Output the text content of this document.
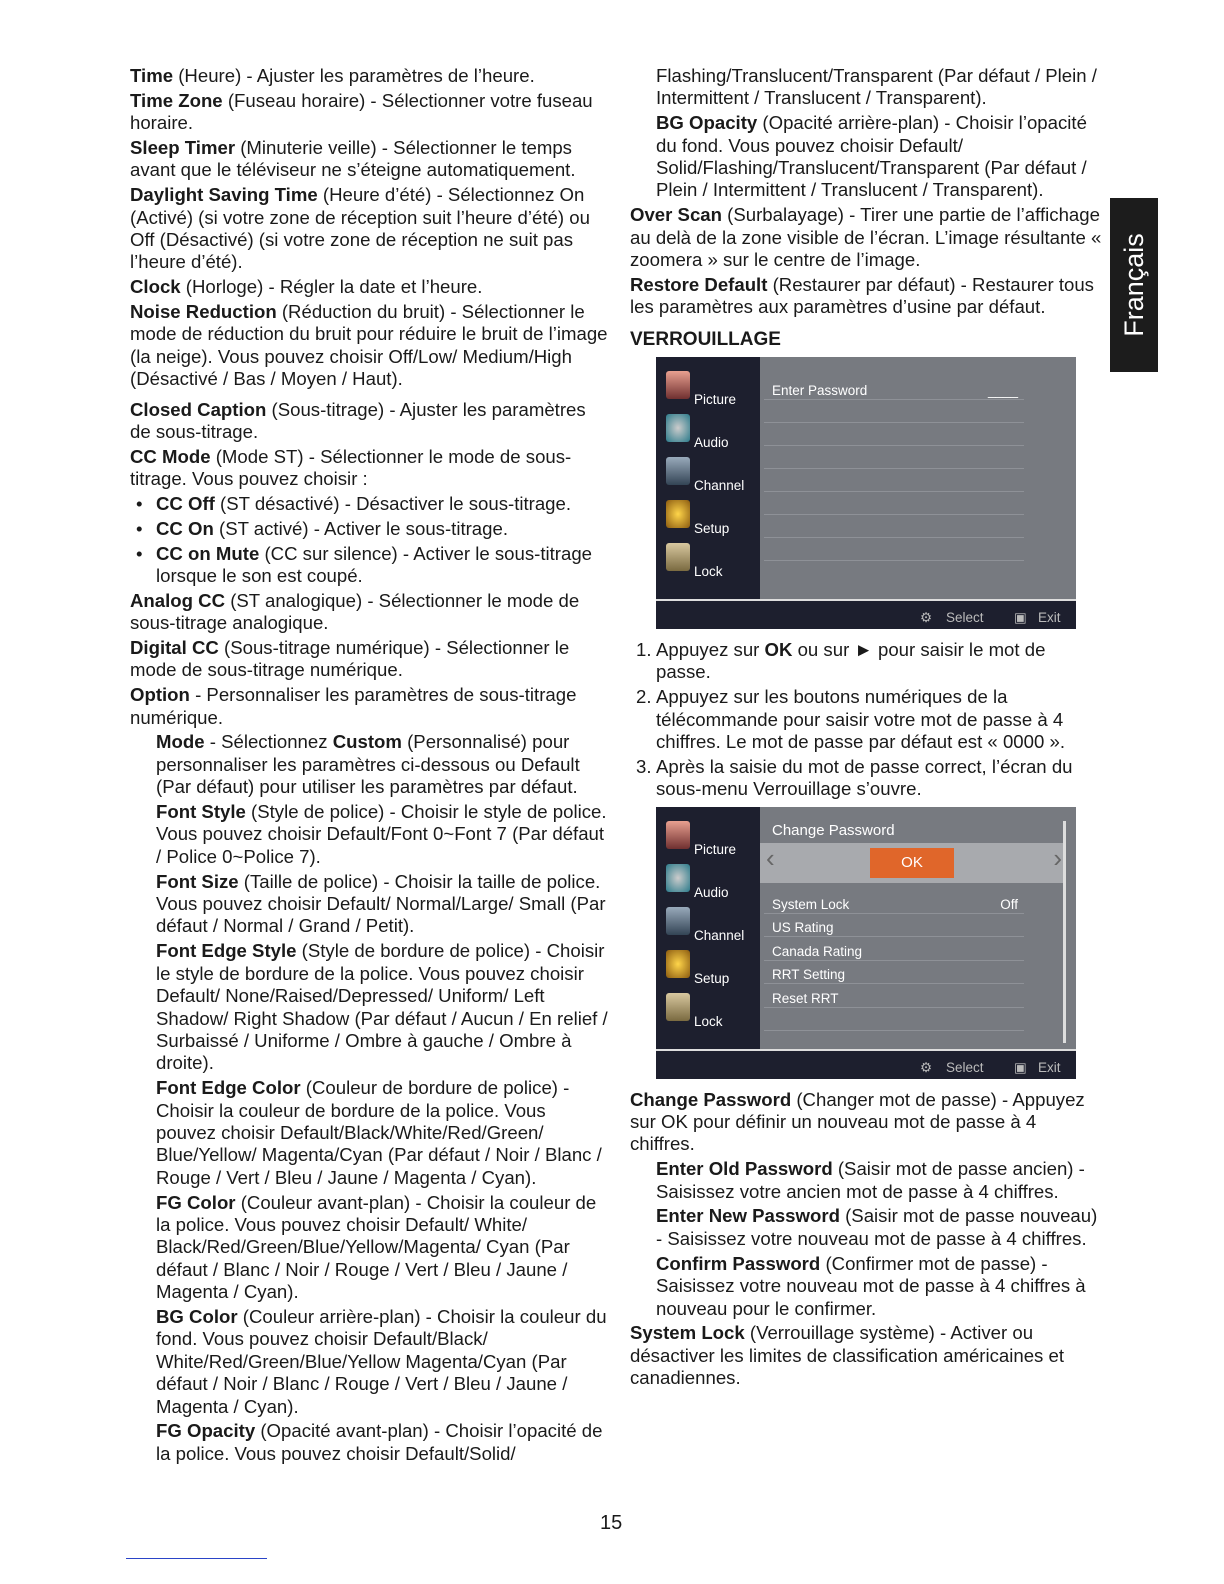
Time (Heure) - Ajuster les paramètres de l’heure.

Time Zone (Fuseau horaire) - Sélectionner votre fuseau horaire.

Sleep Timer (Minuterie veille) - Sélectionner le temps avant que le téléviseur ne s’éteigne automatiquement.

Daylight Saving Time (Heure d’été) - Sélectionnez On (Activé) (si votre zone de réception suit l’heure d’été) ou Off (Désactivé) (si votre zone de réception ne suit pas l’heure d’été).

Clock (Horloge) - Régler la date et l’heure.

Noise Reduction (Réduction du bruit) - Sélectionner le mode de réduction du bruit pour réduire le bruit de l’image (la neige). Vous pouvez choisir Off/Low/ Medium/High (Désactivé / Bas / Moyen / Haut).

Closed Caption (Sous-titrage) - Ajuster les paramètres de sous-titrage.

CC Mode (Mode ST) - Sélectionner le mode de sous-titrage. Vous pouvez choisir :

• CC Off (ST désactivé) - Désactiver le sous-titrage.

• CC On (ST activé) - Activer le sous-titrage.

• CC on Mute (CC sur silence) - Activer le sous-titrage lorsque le son est coupé.

Analog CC (ST analogique) - Sélectionner le mode de sous-titrage analogique.

Digital CC (Sous-titrage numérique) - Sélectionner le mode de sous-titrage numérique.

Option - Personnaliser les paramètres de sous-titrage numérique.

Mode - Sélectionnez Custom (Personnalisé) pour personnaliser les paramètres ci-dessous ou Default (Par défaut) pour utiliser les paramètres par défaut.

Font Style (Style de police) - Choisir le style de police. Vous pouvez choisir Default/Font 0~Font 7 (Par défaut / Police 0~Police 7).

Font Size (Taille de police) - Choisir la taille de police. Vous pouvez choisir Default/ Normal/Large/ Small (Par défaut / Normal / Grand / Petit).

Font Edge Style (Style de bordure de police) - Choisir le style de bordure de la police. Vous pouvez choisir Default/ None/Raised/Depressed/ Uniform/ Left Shadow/ Right Shadow (Par défaut / Aucun / En relief / Surbaissé / Uniforme / Ombre à gauche / Ombre à droite).

Font Edge Color (Couleur de bordure de police) - Choisir la couleur de bordure de la police. Vous pouvez choisir Default/Black/White/Red/Green/ Blue/Yellow/ Magenta/Cyan (Par défaut / Noir / Blanc / Rouge / Vert / Bleu / Jaune / Magenta / Cyan).

FG Color (Couleur avant-plan) - Choisir la couleur de la police. Vous pouvez choisir Default/ White/ Black/Red/Green/Blue/Yellow/Magenta/ Cyan (Par défaut / Blanc / Noir / Rouge / Vert / Bleu / Jaune / Magenta / Cyan).

BG Color (Couleur arrière-plan) - Choisir la couleur du fond. Vous pouvez choisir Default/Black/ White/Red/Green/Blue/Yellow Magenta/Cyan (Par défaut / Noir / Blanc / Rouge / Vert / Bleu / Jaune / Magenta / Cyan).

FG Opacity (Opacité avant-plan) - Choisir l’opacité de la police. Vous pouvez choisir Default/Solid/

Flashing/Translucent/Transparent (Par défaut / Plein / Intermittent / Translucent / Transparent).

BG Opacity (Opacité arrière-plan) - Choisir l’opacité du fond. Vous pouvez choisir Default/ Solid/Flashing/Translucent/Transparent (Par défaut / Plein / Intermittent / Translucent / Transparent).

Over Scan (Surbalayage) - Tirer une partie de l’affichage au delà de la zone visible de l’écran. L’image résultante « zoomera » sur le centre de l’image.

Restore Default (Restaurer par défaut) - Restaurer tous les paramètres aux paramètres d’usine par défaut.

VERROUILLAGE
Picture
Audio
Channel
Setup
Lock
Enter Password	____
⚙ Select ▣ Exit

1. Appuyez sur OK ou sur ► pour saisir le mot de passe.

2. Appuyez sur les boutons numériques de la télécommande pour saisir votre mot de passe à 4 chiffres. Le mot de passe par défaut est « 0000 ».

3. Après la saisie du mot de passe correct, l’écran du sous-menu Verrouillage s’ouvre.

Picture
Audio
Channel
Setup
Lock
Change Password
‹	OK	›
System Lock	Off
US Rating
Canada Rating
RRT Setting
Reset RRT
⚙ Select ▣ Exit

Change Password (Changer mot de passe) - Appuyez sur OK pour définir un nouveau mot de passe à 4 chiffres.

Enter Old Password (Saisir mot de passe ancien) -Saisissez votre ancien mot de passe à 4 chiffres.

Enter New Password (Saisir mot de passe nouveau) - Saisissez votre nouveau mot de passe à 4 chiffres.

Confirm Password (Confirmer mot de passe) - Saisissez votre nouveau mot de passe à 4 chiffres à nouveau pour le confirmer.

System Lock (Verrouillage système) - Activer ou désactiver les limites de classification américaines et canadiennes.

Français
15
